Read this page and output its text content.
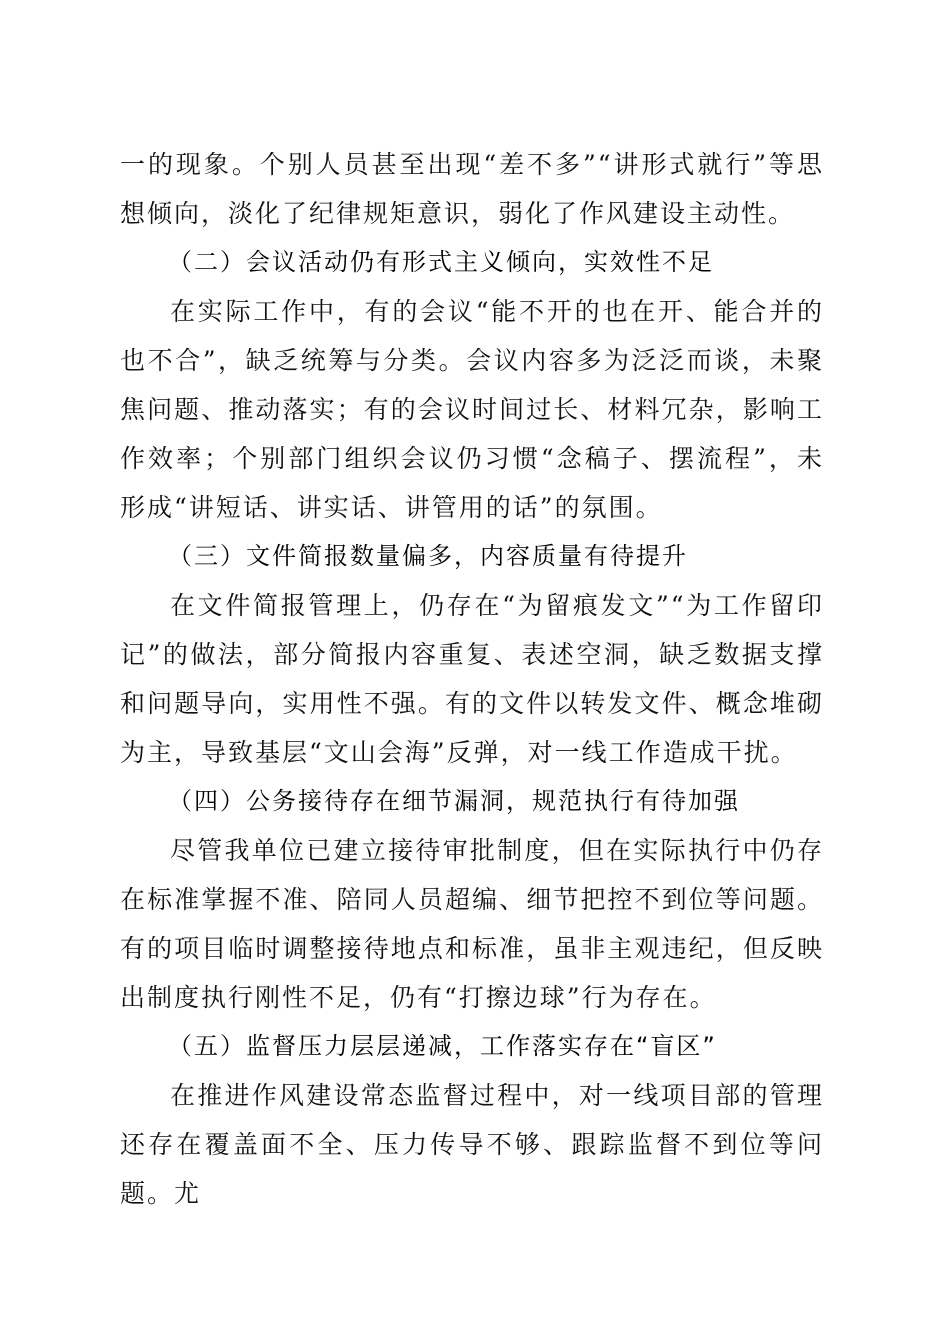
一的现象。个别人员甚至出现“差不多”“讲形式就行”等思想倾向，淡化了纪律规矩意识，弱化了作风建设主动性。

（二）会议活动仍有形式主义倾向，实效性不足

在实际工作中，有的会议“能不开的也在开、能合并的也不合”，缺乏统筹与分类。会议内容多为泛泛而谈，未聚焦问题、推动落实；有的会议时间过长、材料冗杂，影响工作效率；个别部门组织会议仍习惯“念稿子、摆流程”，未形成“讲短话、讲实话、讲管用的话”的氛围。

（三）文件简报数量偏多，内容质量有待提升

在文件简报管理上，仍存在“为留痕发文”“为工作留印记”的做法，部分简报内容重复、表述空洞，缺乏数据支撑和问题导向，实用性不强。有的文件以转发文件、概念堆砌为主，导致基层“文山会海”反弹，对一线工作造成干扰。

（四）公务接待存在细节漏洞，规范执行有待加强

尽管我单位已建立接待审批制度，但在实际执行中仍存在标准掌握不准、陪同人员超编、细节把控不到位等问题。有的项目临时调整接待地点和标准，虽非主观违纪，但反映出制度执行刚性不足，仍有“打擦边球”行为存在。

（五）监督压力层层递减，工作落实存在“盲区”

在推进作风建设常态监督过程中，对一线项目部的管理还存在覆盖面不全、压力传导不够、跟踪监督不到位等问题。尤
